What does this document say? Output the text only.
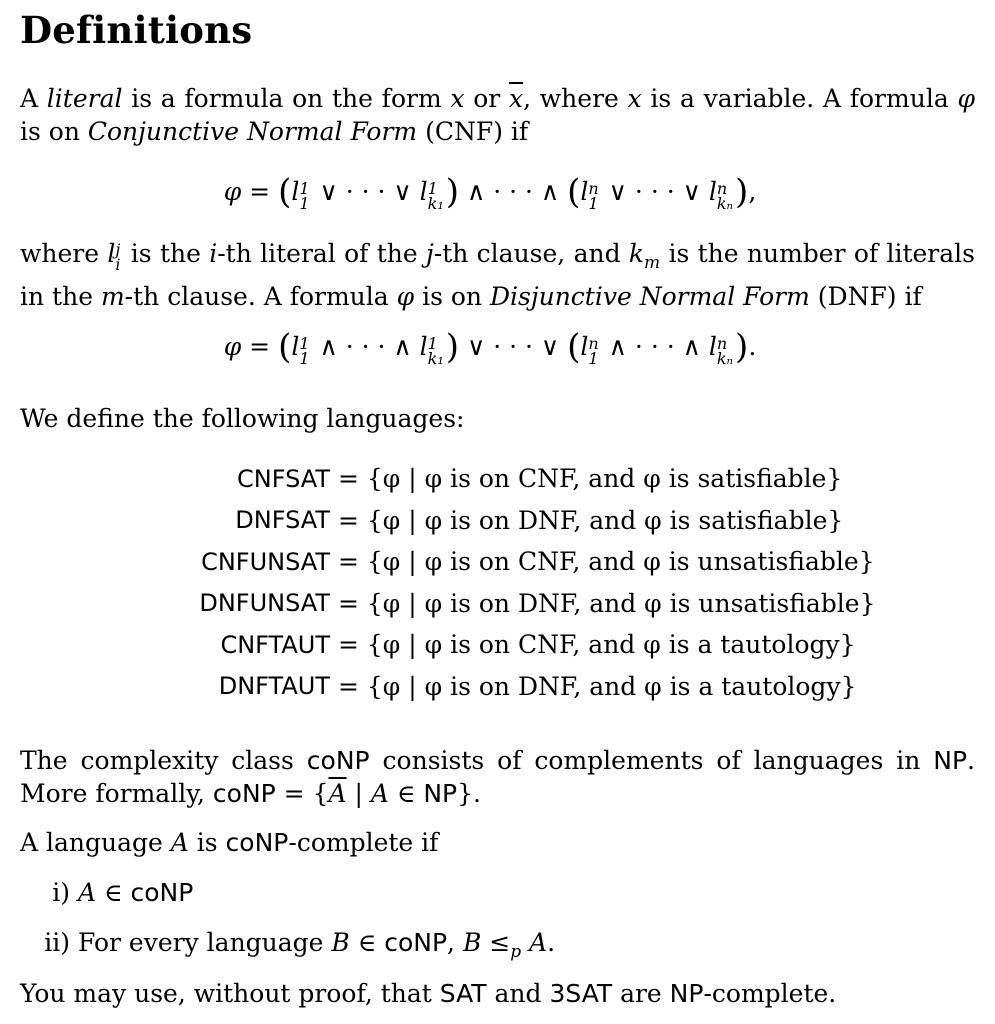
Definitions

A literal is a formula on the form x or $\overline{x}$, where x is a variable. A formula φ is on Conjunctive Normal Form (CNF) if

φ = (l 1
1 ∨ · · · ∨ l 1
k₁ ) ∧ · · · ∧ (l n
1 ∨ · · · ∨ l n
kₙ ),

where l j
i is the i-th literal of the j-th clause, and $k_m$ is the number of literals in the m-th clause. A formula φ is on Disjunctive Normal Form (DNF) if

φ = (l 1
1 ∧ · · · ∧ l 1
k₁ ) ∨ · · · ∨ (l n
1 ∧ · · · ∧ l n
kₙ ).

We define the following languages:

CNFSAT = {φ | φ is on CNF, and φ is satisfiable}
DNFSAT = {φ | φ is on DNF, and φ is satisfiable}
CNFUNSAT = {φ | φ is on CNF, and φ is unsatisfiable}
DNFUNSAT = {φ | φ is on DNF, and φ is unsatisfiable}
CNFTAUT = {φ | φ is on CNF, and φ is a tautology}
DNFTAUT = {φ | φ is on DNF, and φ is a tautology}

The complexity class coNP consists of complements of languages in NP. More formally, coNP = {$\overline{A}$ | A ∈ NP}.

A language A is coNP-complete if

i) A ∈ coNP
ii) For every language B ∈ coNP, $B \le_p$ A.

You may use, without proof, that SAT and 3SAT are NP-complete.
